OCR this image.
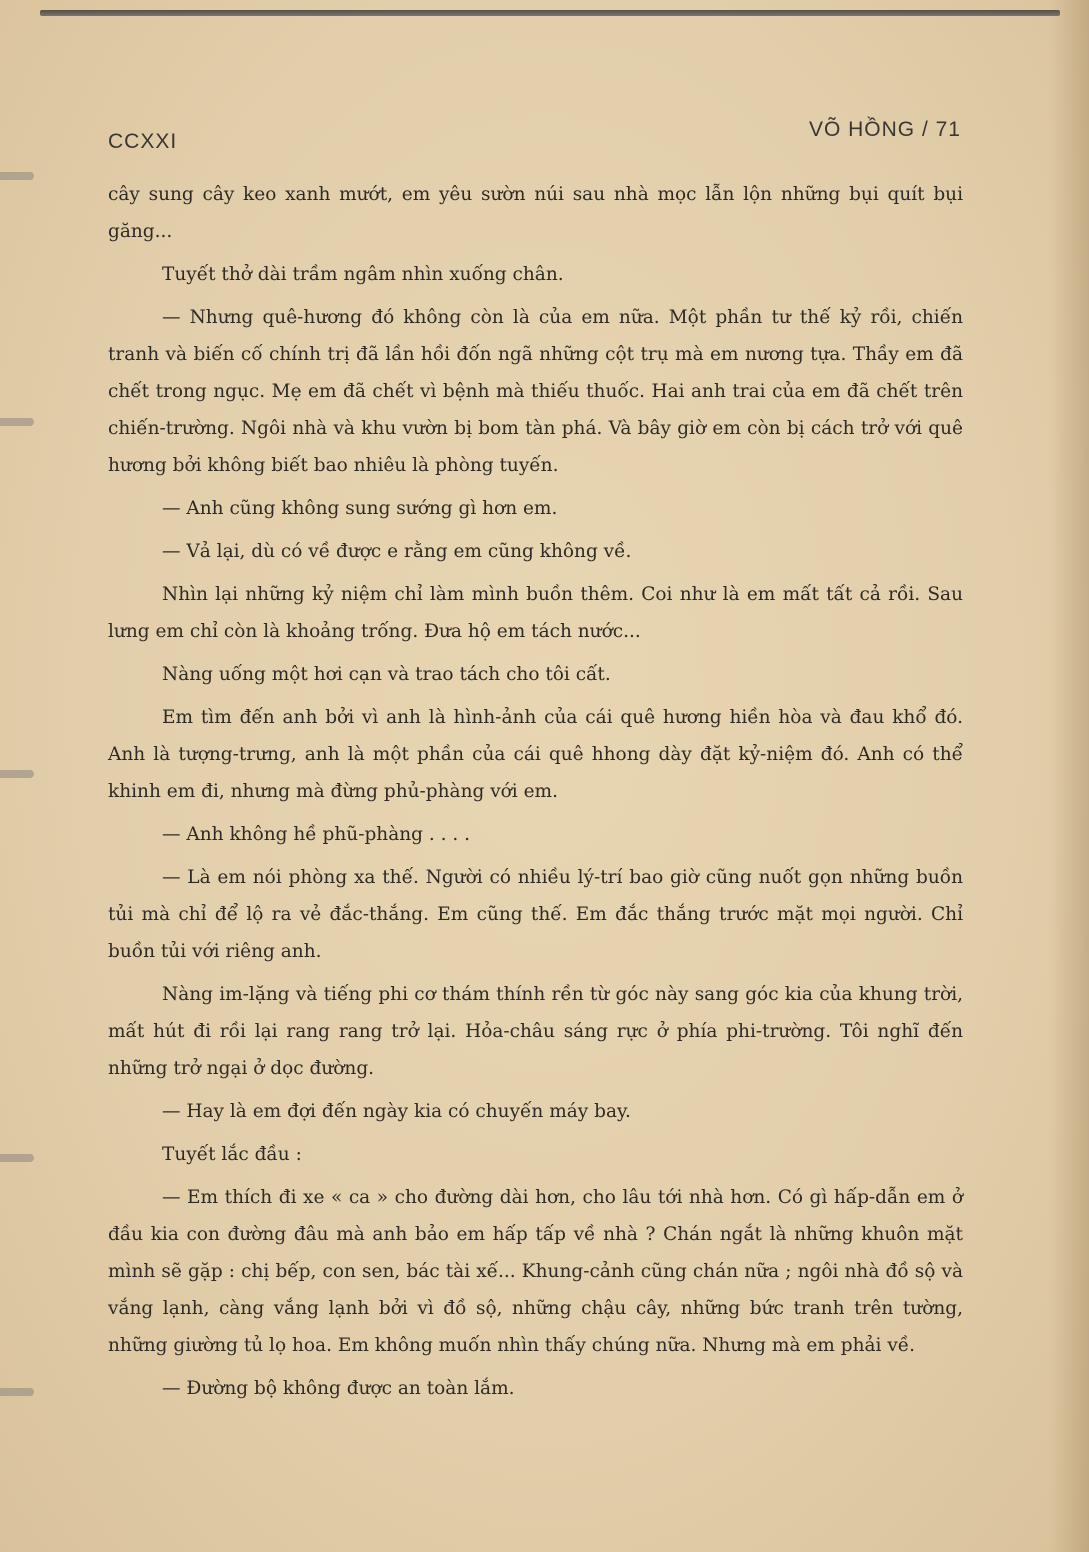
CCXXI
VÕ HỒNG / 71

cây sung cây keo xanh mướt, em yêu sườn núi sau nhà mọc lẫn lộn những bụi quít bụi găng...

Tuyết thở dài trầm ngâm nhìn xuống chân.

— Nhưng quê-hương đó không còn là của em nữa. Một phần tư thế kỷ rồi, chiến tranh và biến cố chính trị đã lần hồi đốn ngã những cột trụ mà em nương tựa. Thầy em đã chết trong ngục. Mẹ em đã chết vì bệnh mà thiếu thuốc. Hai anh trai của em đã chết trên chiến-trường. Ngôi nhà và khu vườn bị bom tàn phá. Và bây giờ em còn bị cách trở với quê hương bởi không biết bao nhiêu là phòng tuyến.

— Anh cũng không sung sướng gì hơn em.

— Vả lại, dù có về được e rằng em cũng không về.

Nhìn lại những kỷ niệm chỉ làm mình buồn thêm. Coi như là em mất tất cả rồi. Sau lưng em chỉ còn là khoảng trống. Đưa hộ em tách nước...

Nàng uống một hơi cạn và trao tách cho tôi cất.

Em tìm đến anh bởi vì anh là hình-ảnh của cái quê hương hiền hòa và đau khổ đó. Anh là tượng-trưng, anh là một phần của cái quê hhong dày đặt kỷ-niệm đó. Anh có thể khinh em đi, nhưng mà đừng phủ-phàng với em.

— Anh không hề phũ-phàng . . . .

— Là em nói phòng xa thế. Người có nhiều lý-trí bao giờ cũng nuốt gọn những buồn tủi mà chỉ để lộ ra vẻ đắc-thắng. Em cũng thế. Em đắc thắng trước mặt mọi người. Chỉ buồn tủi với riêng anh.

Nàng im-lặng và tiếng phi cơ thám thính rền từ góc này sang góc kia của khung trời, mất hút đi rồi lại rang rang trở lại. Hỏa-châu sáng rực ở phía phi-trường. Tôi nghĩ đến những trở ngại ở dọc đường.

— Hay là em đợi đến ngày kia có chuyến máy bay.

Tuyết lắc đầu :

— Em thích đi xe « ca » cho đường dài hơn, cho lâu tới nhà hơn. Có gì hấp-dẫn em ở đầu kia con đường đâu mà anh bảo em hấp tấp về nhà ? Chán ngắt là những khuôn mặt mình sẽ gặp : chị bếp, con sen, bác tài xế... Khung-cảnh cũng chán nữa ; ngôi nhà đồ sộ và vắng lạnh, càng vắng lạnh bởi vì đồ sộ, những chậu cây, những bức tranh trên tường, những giường tủ lọ hoa. Em không muốn nhìn thấy chúng nữa. Nhưng mà em phải về.

— Đường bộ không được an toàn lắm.
